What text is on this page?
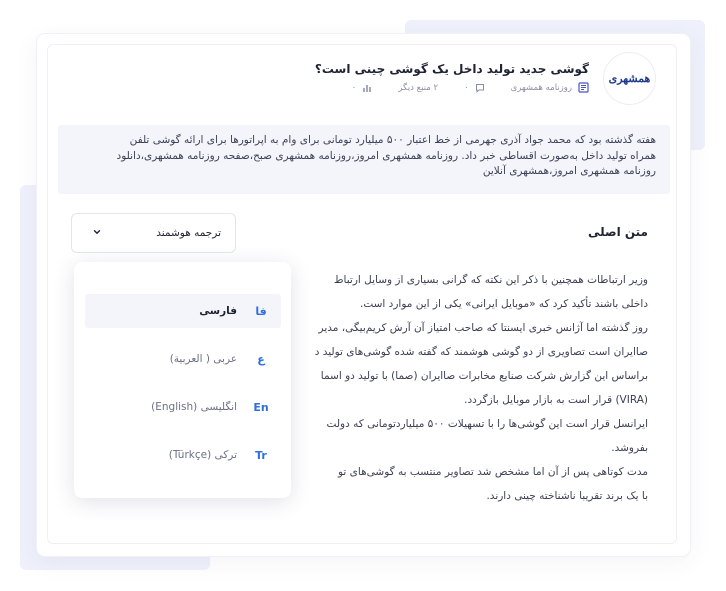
همشهری
گوشی جدید تولید داخل یک گوشی چینی است؟
روزنامه همشهری
۰
۲ منبع دیگر
۰
هفته گذشته بود که محمد جواد آذری جهرمی از خط اعتبار ۵۰۰ میلیارد تومانی برای وام به اپراتورها برای ارائه گوشی تلفن
همراه تولید داخل به‌صورت اقساطی خبر داد. روزنامه همشهری امروز،روزنامه همشهری صبح،صفحه روزنامه همشهری،دانلود
روزنامه همشهری امروز،همشهری آنلاین
متن اصلی
ترجمه هوشمند
وزیر ارتباطات همچنین با ذکر این نکته که گرانی بسیاری از وسایل ارتباط
داخلی باشند تأکید کرد که «موبایل ایرانی» یکی از این موارد است.
روز گذشته اما آژانس خبری ایسنتا که صاحب امتیاز آن آرش کریم‌بیگی، مدیر
صاایران است تصاویری از دو گوشی هوشمند که گفته شده گوشی‌های تولید د
براساس این گزارش شرکت صنایع مخابرات صاایران (صما) با تولید دو اسما
(VIRA) قرار است به بازار موبایل بازگردد.
ایرانسل قرار است این گوشی‌ها را با تسهیلات ۵۰۰ میلیاردتومانی که دولت
بفروشد.
مدت کوتاهی پس از آن اما مشخص شد تصاویر منتسب به گوشی‌های تو
با یک برند تقریبا ناشناخته چینی دارند.
فارسی فا
عربی ( العربية)	ع
انگلیسی (English) En
ترکی (Türkçe) Tr
